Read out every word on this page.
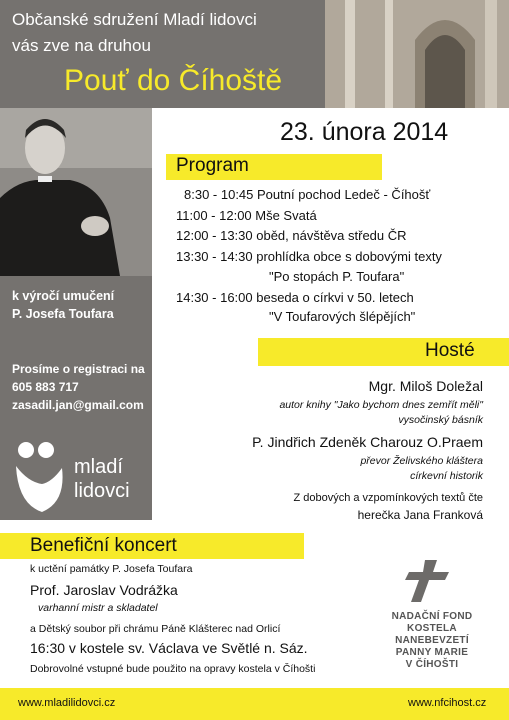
Občanské sdružení Mladí lidovci
vás zve na druhou
Pouť do Číhoště
k výročí umučení
P. Josefa Toufara
Prosíme o registraci na
605 883 717
zasadil.jan@gmail.com
mladí
lidovci
23. února 2014
Program
8:30 - 10:45 Poutní pochod Ledeč - Číhošť
11:00 - 12:00 Mše Svatá
12:00 - 13:30 oběd, návštěva středu ČR
13:30 - 14:30 prohlídka obce s dobovými texty
"Po stopách P. Toufara"
14:30 - 16:00 beseda o církvi v 50. letech
"V Toufarových šlépějích"
Hosté
Mgr. Miloš Doležal
autor knihy "Jako bychom dnes zemřít měli"
vysočinský básník
P. Jindřich Zdeněk Charouz O.Praem
převor Želivského kláštera
církevní historik
Z dobových a vzpomínkových textů čte
herečka Jana Franková
Benefiční koncert
k uctění památky P. Josefa Toufara
Prof. Jaroslav Vodrážka
varhanní mistr a skladatel
a Dětský soubor při chrámu Páně Klášterec nad Orlicí
16:30 v kostele sv. Václava ve Světlé n. Sáz.
Dobrovolné vstupné bude použito na opravy kostela v Číhošti
NADAČNÍ FOND
KOSTELA
NANEBEVZETÍ
PANNY MARIE
V ČÍHOŠTI
www.mladilidovci.cz	www.nfcihost.cz
